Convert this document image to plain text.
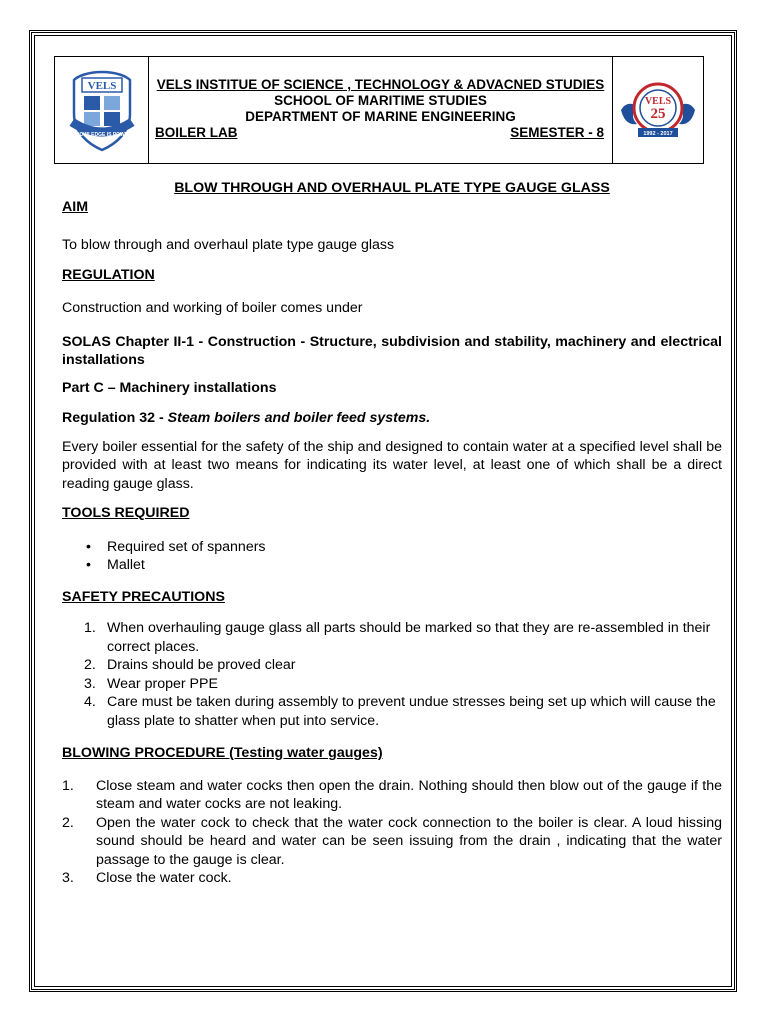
VELS
KNOWLEDGE IS POWER
VELS INSTITUE OF SCIENCE , TECHNOLOGY & ADVACNED STUDIES
SCHOOL OF MARITIME STUDIES
DEPARTMENT OF MARINE ENGINEERING
BOILER LAB	SEMESTER - 8
VELS
25
1992 - 2017

BLOW THROUGH AND OVERHAUL PLATE TYPE GAUGE GLASS

AIM

To blow through and overhaul plate type gauge glass

REGULATION

Construction and working of boiler comes under

SOLAS Chapter II-1 - Construction - Structure, subdivision and stability, machinery and electrical installations

Part C – Machinery installations

Regulation 32 - Steam boilers and boiler feed systems.

Every boiler essential for the safety of the ship and designed to contain water at a specified level shall be provided with at least two means for indicating its water level, at least one of which shall be a direct reading gauge glass.

TOOLS REQUIRED

• Required set of spanners
• Mallet

SAFETY PRECAUTIONS

1. When overhauling gauge glass all parts should be marked so that they are re-assembled in their correct places.
2. Drains should be proved clear
3. Wear proper PPE
4. Care must be taken during assembly to prevent undue stresses being set up which will cause the glass plate to shatter when put into service.

BLOWING PROCEDURE (Testing water gauges)

1. Close steam and water cocks then open the drain. Nothing should then blow out of the gauge if the steam and water cocks are not leaking.
2. Open the water cock to check that the water cock connection to the boiler is clear. A loud hissing sound should be heard and water can be seen issuing from the drain , indicating that the water passage to the gauge is clear.
3. Close the water cock.
